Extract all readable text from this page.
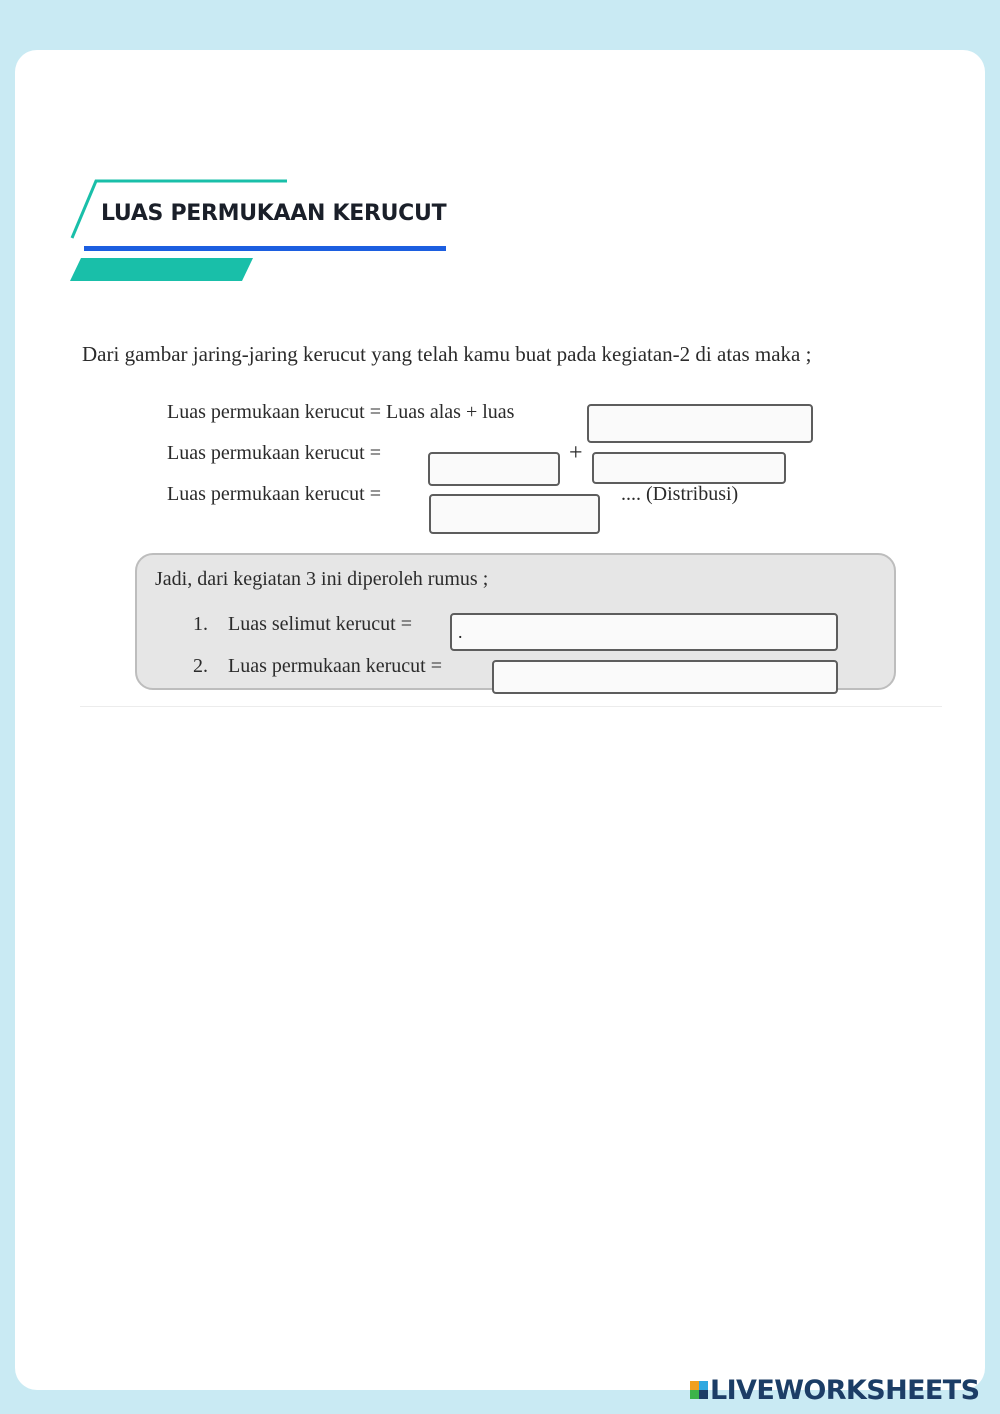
LUAS PERMUKAAN KERUCUT
Dari gambar jaring-jaring kerucut yang telah kamu buat pada kegiatan-2 di atas maka ;
Luas permukaan kerucut = Luas alas + luas
Luas permukaan kerucut =	+
Luas permukaan kerucut =	.... (Distribusi)
Jadi, dari kegiatan 3 ini diperoleh rumus ;
1. Luas selimut kerucut =
.
2. Luas permukaan kerucut =
LIVEWORKSHEETS
